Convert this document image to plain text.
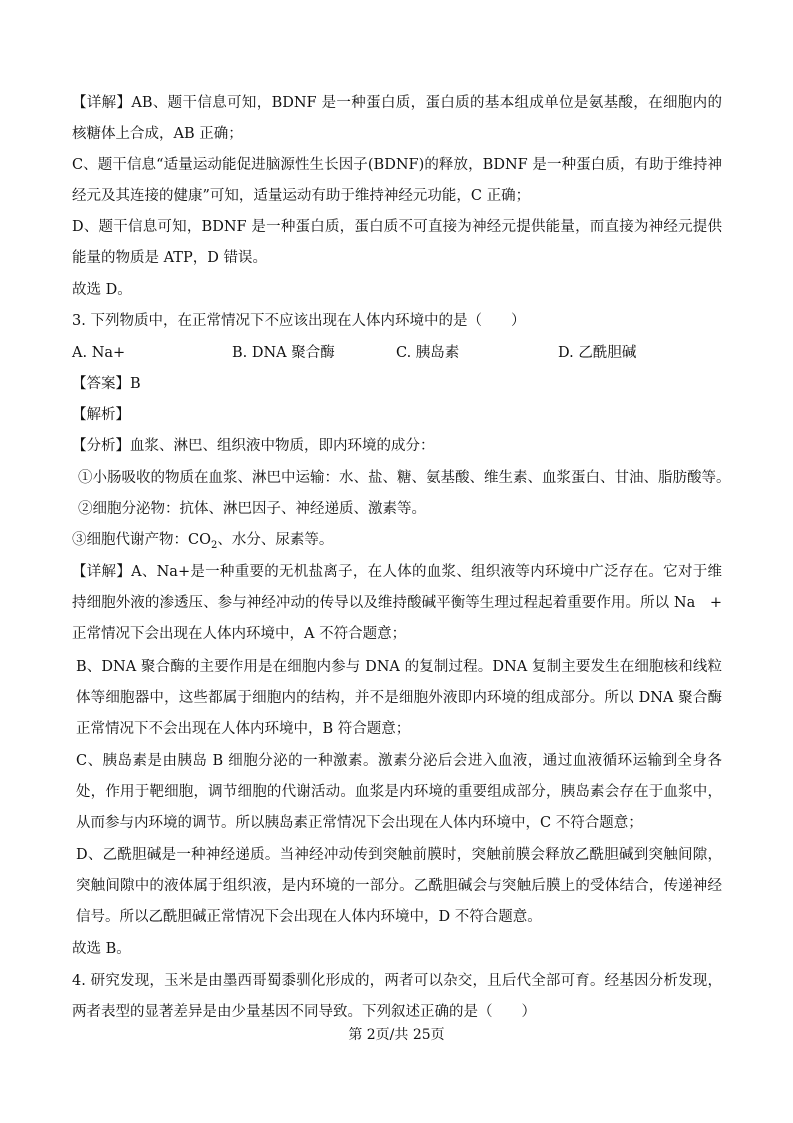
【详解】AB、题干信息可知，BDNF 是一种蛋白质，蛋白质的基本组成单位是氨基酸，在细胞内的核糖体上合成，AB 正确；
C、题干信息“适量运动能促进脑源性生长因子(BDNF)的释放，BDNF 是一种蛋白质，有助于维持神经元及其连接的健康”可知，适量运动有助于维持神经元功能，C 正确；
D、题干信息可知，BDNF 是一种蛋白质，蛋白质不可直接为神经元提供能量，而直接为神经元提供能量的物质是 ATP，D 错误。
故选 D。
3. 下列物质中，在正常情况下不应该出现在人体内环境中的是（　　）
A. Na+	B. DNA 聚合酶	C. 胰岛素	D. 乙酰胆碱
【答案】B
【解析】
【分析】血浆、淋巴、组织液中物质，即内环境的成分：
①小肠吸收的物质在血浆、淋巴中运输：水、盐、糖、氨基酸、维生素、血浆蛋白、甘油、脂肪酸等。
②细胞分泌物：抗体、淋巴因子、神经递质、激素等。
③细胞代谢产物：$CO_2$、水分、尿素等。
【详解】A、Na+是一种重要的无机盐离子，在人体的血浆、组织液等内环境中广泛存在。它对于维持细胞外液的渗透压、参与神经冲动的传导以及维持酸碱平衡等生理过程起着重要作用。所以 Na　+　正常情况下会出现在人体内环境中，A 不符合题意；
B、DNA 聚合酶的主要作用是在细胞内参与 DNA 的复制过程。DNA 复制主要发生在细胞核和线粒体等细胞器中，这些都属于细胞内的结构，并不是细胞外液即内环境的组成部分。所以 DNA 聚合酶正常情况下不会出现在人体内环境中，B 符合题意；
C、胰岛素是由胰岛 B 细胞分泌的一种激素。激素分泌后会进入血液，通过血液循环运输到全身各处，作用于靶细胞，调节细胞的代谢活动。血浆是内环境的重要组成部分，胰岛素会存在于血浆中，从而参与内环境的调节。所以胰岛素正常情况下会出现在人体内环境中，C 不符合题意；
D、乙酰胆碱是一种神经递质。当神经冲动传到突触前膜时，突触前膜会释放乙酰胆碱到突触间隙，突触间隙中的液体属于组织液，是内环境的一部分。乙酰胆碱会与突触后膜上的受体结合，传递神经信号。所以乙酰胆碱正常情况下会出现在人体内环境中，D 不符合题意。
故选 B。
4. 研究发现，玉米是由墨西哥蜀黍驯化形成的，两者可以杂交，且后代全部可育。经基因分析发现，两者表型的显著差异是由少量基因不同导致。下列叙述正确的是（　　）
第 2页/共 25页
